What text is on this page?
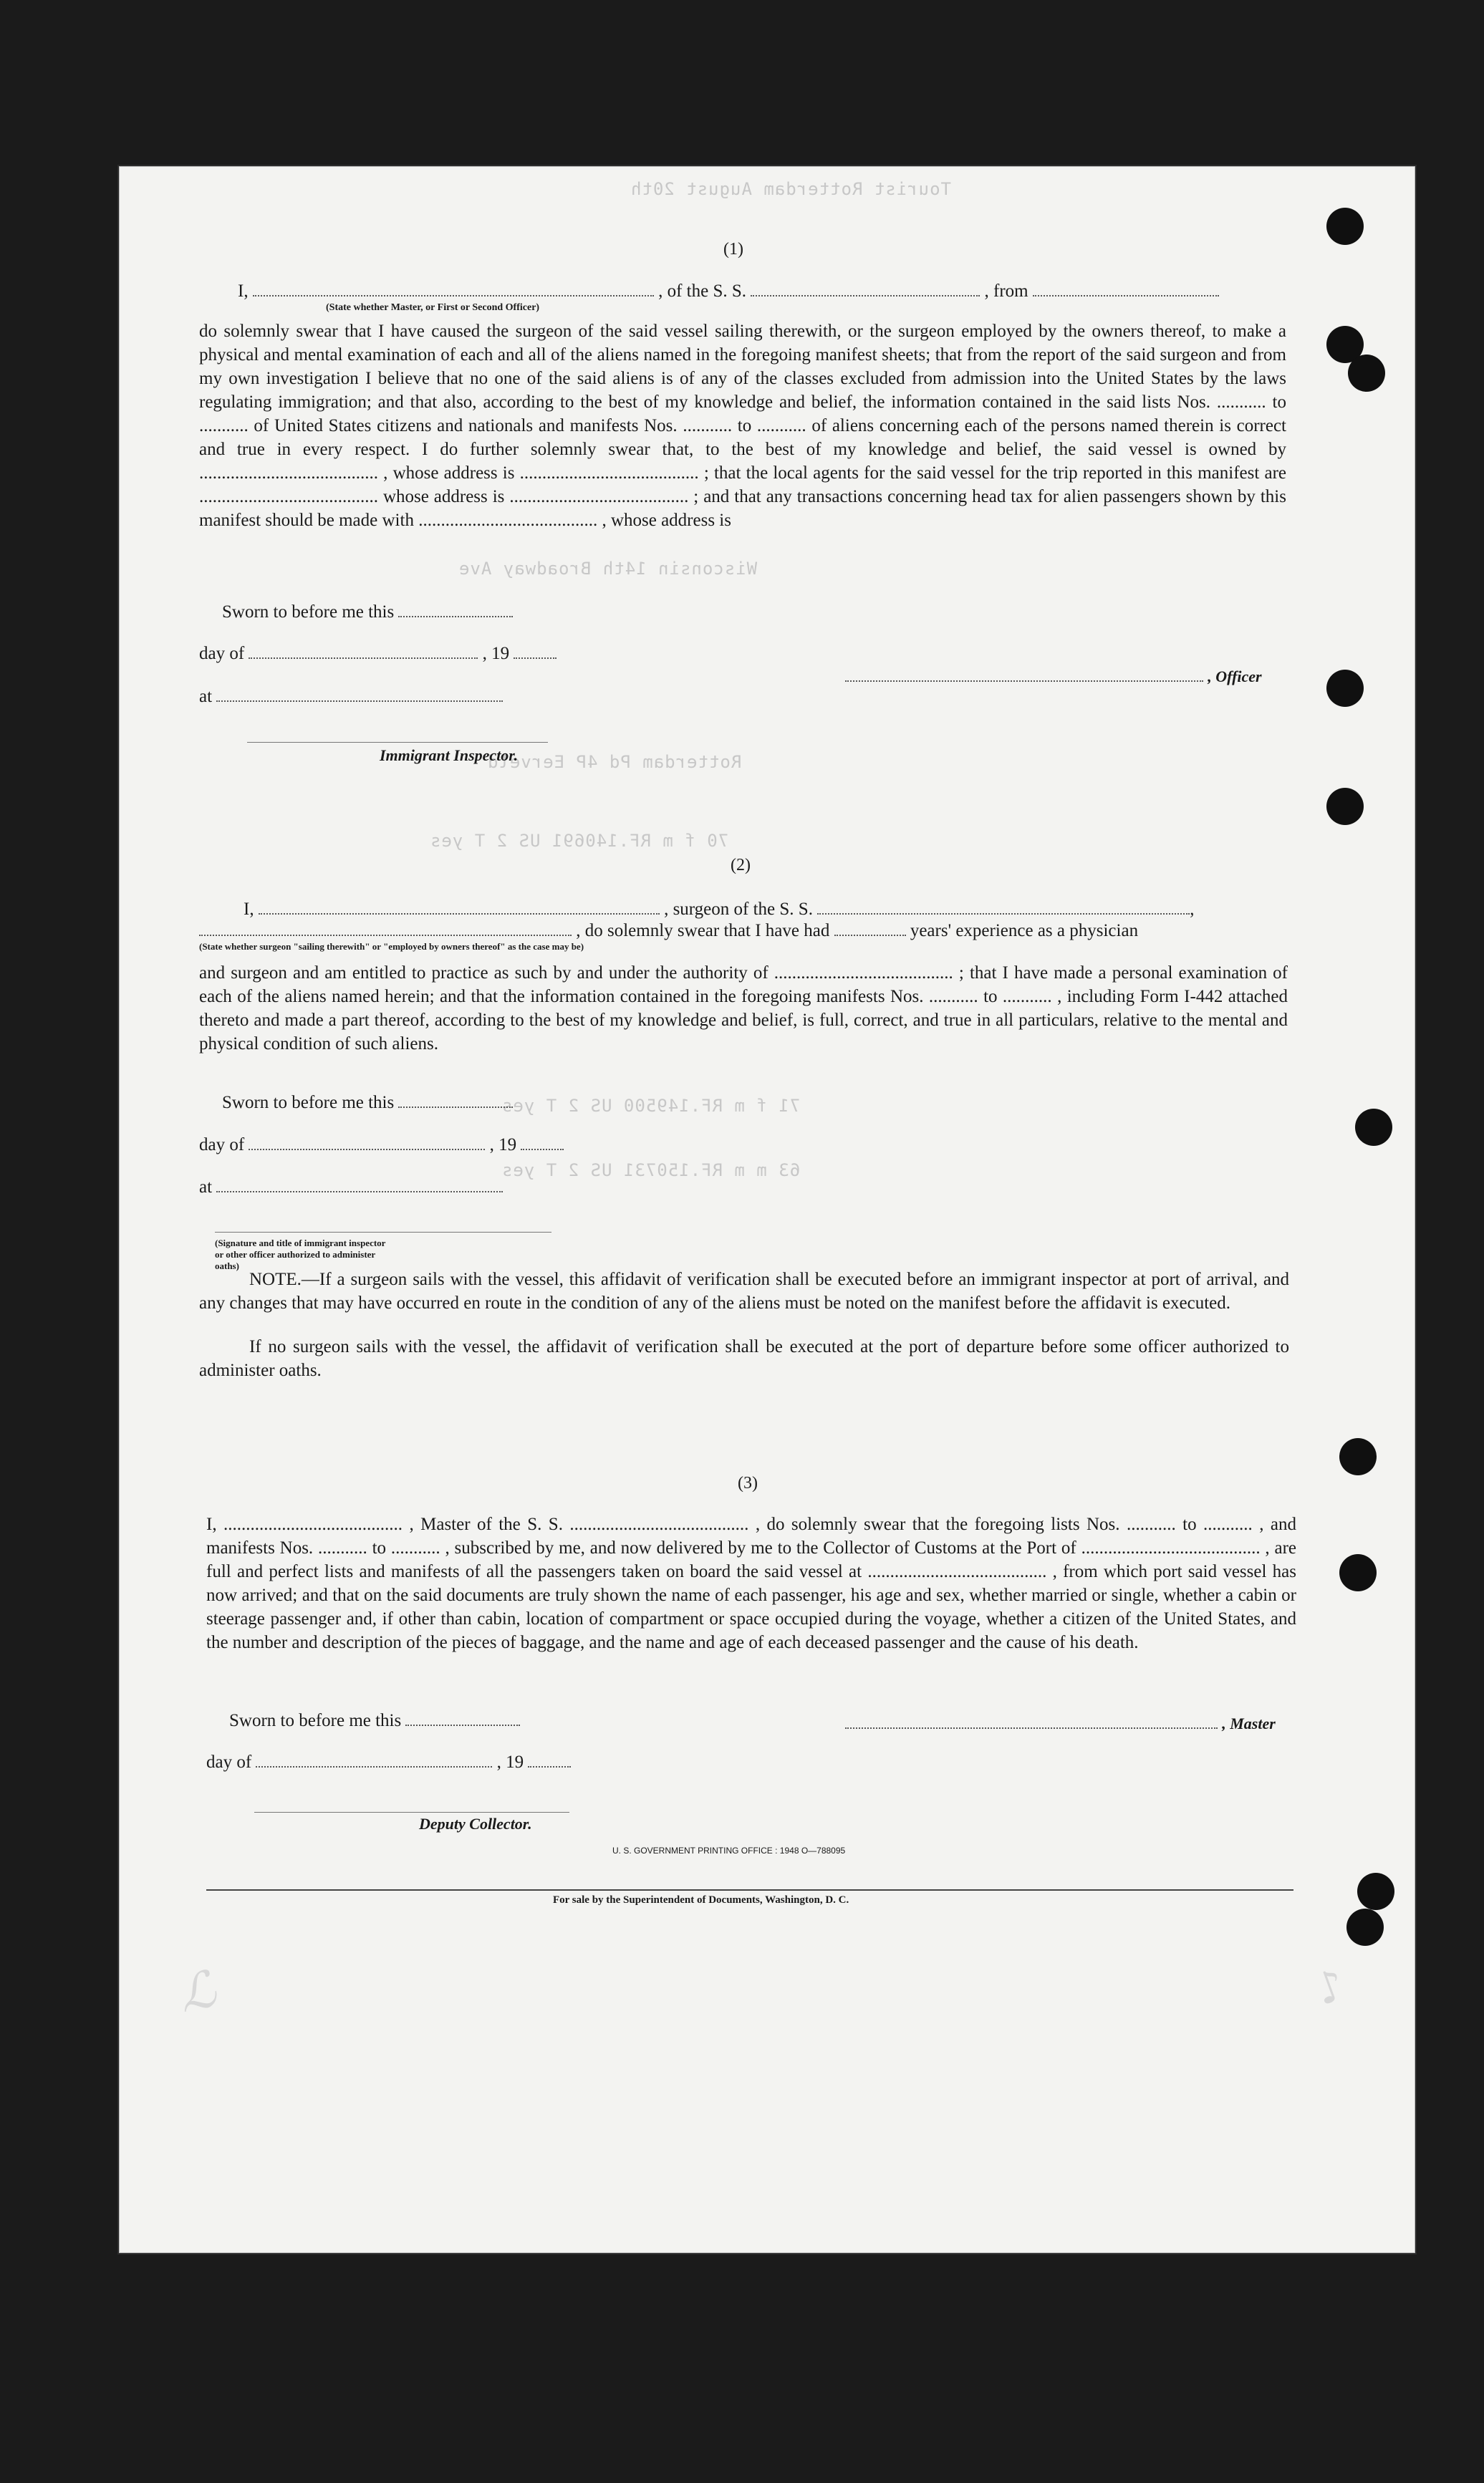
Tourist Rotterdam August 20th
Wisconsin 14th Broadway Ave
Rotterdam Pd 4P Eerveld
70 f m RF.140691 US 2 T yes
71 f m RF.149500 US 2 T yes
63 m m RF.150731 US 2 T yes
(1)
I,	, of the S. S.	, from
(State whether Master, or First or Second Officer)
do solemnly swear that I have caused the surgeon of the said vessel sailing therewith, or the surgeon employed by the owners thereof, to make a physical and mental examination of each and all of the aliens named in the foregoing manifest sheets; that from the report of the said surgeon and from my own investigation I believe that no one of the said aliens is of any of the classes excluded from admission into the United States by the laws regulating immigration; and that also, according to the best of my knowledge and belief, the information contained in the said lists Nos. ........... to ........... of United States citizens and nationals and manifests Nos. ........... to ........... of aliens concerning each of the persons named therein is correct and true in every respect. I do further solemnly swear that, to the best of my knowledge and belief, the said vessel is owned by ........................................ , whose address is ........................................ ; that the local agents for the said vessel for the trip reported in this manifest are ........................................ whose address is ........................................ ; and that any transactions concerning head tax for alien passengers shown by this manifest should be made with ........................................ , whose address is
Sworn to before me this
day of	, 19
, Officer
at
Immigrant Inspector.
(2)
I,	, surgeon of the S. S.	,
, do solemnly swear that I have had	years' experience as a physician
(State whether surgeon "sailing therewith" or "employed by owners thereof" as the case may be)
and surgeon and am entitled to practice as such by and under the authority of ........................................ ; that I have made a personal examination of each of the aliens named herein; and that the information contained in the foregoing manifests Nos. ........... to ........... , including Form I-442 attached thereto and made a part thereof, according to the best of my knowledge and belief, is full, correct, and true in all particulars, relative to the mental and physical condition of such aliens.
Sworn to before me this
day of	, 19
at
(Signature and title of immigrant inspector or other officer authorized to administer oaths)
NOTE.—If a surgeon sails with the vessel, this affidavit of verification shall be executed before an immigrant inspector at port of arrival, and any changes that may have occurred en route in the condition of any of the aliens must be noted on the manifest before the affidavit is executed.
If no surgeon sails with the vessel, the affidavit of verification shall be executed at the port of departure before some officer authorized to administer oaths.
(3)
I, ........................................ , Master of the S. S. ........................................ , do solemnly swear that the foregoing lists Nos. ........... to ........... , and manifests Nos. ........... to ........... , subscribed by me, and now delivered by me to the Collector of Customs at the Port of ........................................ , are full and perfect lists and manifests of all the passengers taken on board the said vessel at ........................................ , from which port said vessel has now arrived; and that on the said documents are truly shown the name of each passenger, his age and sex, whether married or single, whether a cabin or steerage passenger and, if other than cabin, location of compartment or space occupied during the voyage, whether a citizen of the United States, and the number and description of the pieces of baggage, and the name and age of each deceased passenger and the cause of his death.
Sworn to before me this	, Master
day of	, 19
Deputy Collector.
U. S. GOVERNMENT PRINTING OFFICE : 1948 O—788095
For sale by the Superintendent of Documents, Washington, D. C.
ℒ	♪
